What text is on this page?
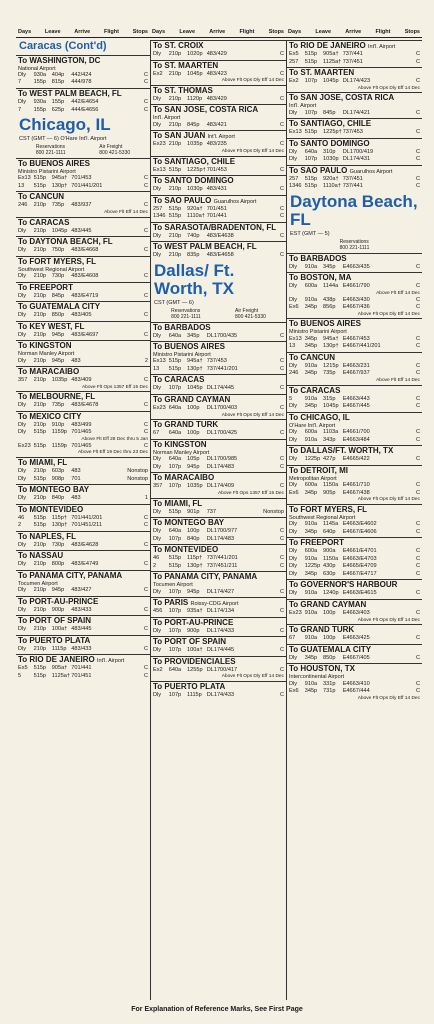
Days	Leave	Arrive	Flight	Stops Days	Leave	Arrive	Flight	Stops Days	Leave	Arrive	Flight	Stops
Caracas (Cont'd)
To WASHINGTON, DC
National Airport
Dly	930a	404p	442/424	C
7	155p	815p	444/978	C
To WEST PALM BEACH, FL
Dly	930a	155p	442/E4654	C
7	155p	625p	444/E4656	C
Chicago, IL
CST (GMT — 6) O'Hare Int'l. Airport
Reservations
800 221-1111
Air Freight
800 421-5330
To BUENOS AIRES
Ministro Pistarini Airport
Ex13 515p	945a† 701/453	C
13	515p	130p† 701/441/201	C
To CANCUN
246	210p	735p	483/937	C
Above Flt Eff 14 Dec
To CARACAS
Dly	210p	1045p 483/445	C
To DAYTONA BEACH, FL
Dly	210p	750p	483/E4668	C
To FORT MYERS, FL
Southwest Regional Airport
Dly	210p	730p	483/E4608	C
To FREEPORT
Dly	210p	845p	483/E4719	C
To GUATEMALA CITY
Dly	210p	850p	483/405	C
To KEY WEST, FL
Dly	210p	945p	483/E4697	C
To KINGSTON
Norman Manley Airport
Dly	210p	945p	483	2
To MARACAIBO
357	210p	1035p 483/409	C
Above Flt Ops 1357 Eff 15 Dec
To MELBOURNE, FL
Dly	210p	735p	483/E4678	C
To MEXICO CITY
Dly	210p	910p	483/499	C
Dly	515p	1159p 701/465	C
Above Flt Eff 28 Dec thru 5 Jan
Ex23 515p	1159p 701/465	C
Above Flt Eff 19 Dec thru 23 Dec
To MIAMI, FL
Dly	210p	603p	483	Nonstop
Dly	515p	908p	701	Nonstop
To MONTEGO BAY
Dly	210p	840p	483	1
To MONTEVIDEO
46	515p	115p† 701/441/201	C
2	515p	130p† 701/451/211	C
To NAPLES, FL
Dly	210p	730p	483/E4628	C
To NASSAU
Dly	210p	800p	483/E4749	C
To PANAMA CITY, PANAMA
Tocumen Airport
Dly	210p	945p	483/427	C
To PORT-AU-PRINCE
Dly	210p	900p	483/433	C
To PORT OF SPAIN
Dly	210p	100a† 483/445	C
To PUERTO PLATA
Dly	210p	1115p 483/433	C
To RIO DE JANEIRO Int'l. Airport
Ex5	515p	905a† 701/441	C
5	515p	1125a† 701/451	C
To ST. CROIX
Dly	210p	1020p 483/429	C
To ST. MAARTEN
Ex2	210p	1045p 483/423	C
Above Flt Ops Dly Eff 14 Dec
To ST. THOMAS
Dly	210p	1120p 483/429	C
To SAN JOSE, COSTA RICA
Int'l. Airport
Dly	210p	845p	483/421	C
To SAN JUAN Int'l. Airport
Ex23 210p	1035p 483/235	C
Above Flt Ops Dly Eff 14 Dec
To SANTIAGO, CHILE
Ex13 515p	1225p† 701/453	C
To SANTO DOMINGO
Dly	210p	1030p 483/431	C
To SAO PAULO Guarulhos Airport
257	515p	920a† 701/451	C
1346 515p	1110a† 701/441	C
To SARASOTA/BRADENTON, FL
Dly	210p	740p	483/E4638	C
To WEST PALM BEACH, FL
Dly	210p	835p	483/E4658	C
Dallas/ Ft. Worth, TX
CST (GMT — 6)
Reservations
800 221-1111
Air Freight
800 421-5330
To BARBADOS
Dly	640a	345p	DL1700/435	C
To BUENOS AIRES
Ministro Pistarini Airport
Ex13 515p	945a† 737/453	C
13	515p	130p† 737/441/201	C
To CARACAS
Dly	107p	1045p DL174/445	C
To GRAND CAYMAN
Ex23 640a	100p	DL1700/403	C
Above Flt Ops Dly Eff 14 Dec
To GRAND TURK
67	640a	100p	DL1700/425	C
To KINGSTON
Norman Manley Airport
Dly	640a	105p	DL1700/985	C
Dly	107p	945p	DL174/483	C
To MARACAIBO
357	107p	1035p DL174/409	C
Above Flt Ops 1357 Eff 15 Dec
To MIAMI, FL
Dly	515p	901p	737	Nonstop
To MONTEGO BAY
Dly	640a	100p	DL1700/977	C
Dly	107p	840p	DL174/483	C
To MONTEVIDEO
46	515p	115p† 737/441/201	C
2	515p	130p† 737/451/211	C
To PANAMA CITY, PANAMA
Tocumen Airport
Dly	107p	945p	DL174/427	C
To PARIS Roissy-CDG Airport
456	107p	935a† DL174/134	C
To PORT-AU-PRINCE
Dly	107p	900p	DL174/433	C
To PORT OF SPAIN
Dly	107p	100a† DL174/445	C
To PROVIDENCIALES
Ex2	640a	1255p DL1700/417	C
Above Flt Ops Dly Eff 14 Dec
To PUERTO PLATA
Dly	107p	1115p DL174/433	C
To RIO DE JANEIRO Int'l. Airport
Ex5	515p	905a† 737/441	C
257	515p	1125a† 737/451	C
To ST. MAARTEN
Ex2	107p	1045p DL174/423	C
Above Flt Ops Dly Eff 14 Dec
To SAN JOSE, COSTA RICA
Int'l. Airport
Dly	107p	845p	DL174/421	C
To SANTIAGO, CHILE
Ex13 515p	1225p† 737/453	C
To SANTO DOMINGO
Dly	640a	310p	DL1700/419	C
Dly	107p	1030p DL174/431	C
To SAO PAULO Guarulhos Airport
257	515p	920a† 737/451	C
1346 515p	1110a† 737/441	C
Daytona Beach, FL
EST (GMT — 5)
Reservations
800 221-1111
To BARBADOS
Dly	910a	345p	E4663/435	C
To BOSTON, MA
Dly	600a	1144a E4661/790	C
Above Flt Eff 14 Dec
Dly	910a	438p	E4663/430	C
Ex6	345p	856p	E4667/436	C
Above Flt Ops Dly Eff 14 Dec
To BUENOS AIRES
Ministro Pistarini Airport
Ex13 345p	945a† E4667/453	C
13	345p	130p† E4667/441/201	C
To CANCUN
Dly	910a	1215p E4663/231	C
246	345p	735p	E4667/937	C
Above Flt Eff 14 Dec
To CARACAS
5	910a	315p	E4663/443	C
Dly	345p	1045p E4667/445	C
To CHICAGO, IL
O'Hare Int'l. Airport
Dly	600a	1103a E4661/700	C
Dly	910a	343p	E4663/484	C
To DALLAS/FT. WORTH, TX
Dly	1225p 427p	E4665/422	C
To DETROIT, MI
Metropolitan Airport
Dly	600a	1150a E4661/710	C
Ex6	345p	905p	E4667/438	C
Above Flt Ops Dly Eff 14 Dec
To FORT MYERS, FL
Southwest Regional Airport
Dly	910a	1145a E4663/E4602	C
Dly	345p	640p	E4667/E4606	C
To FREEPORT
Dly	600a	900a	E4661/E4701	C
Dly	910a	1150a E4663/E4703	C
Dly	1225p 430p	E4665/E4709	C
Dly	345p	630p	E4667/E4717	C
To GOVERNOR'S HARBOUR
Dly	910a	1240p E4663/E4615	C
To GRAND CAYMAN
Ex23 910a	100p	E4663/403	C
Above Flt Ops Dly Eff 14 Dec
To GRAND TURK
67	910a	100p	E4663/425	C
To GUATEMALA CITY
Dly	345p	850p	E4667/405	C
To HOUSTON, TX
Intercontinental Airport
Dly	910a	331p	E4663/410	C
Ex6	345p	731p	E4667/444	C
Above Flt Ops Dly Eff 14 Dec
For Explanation of Reference Marks, See First Page
